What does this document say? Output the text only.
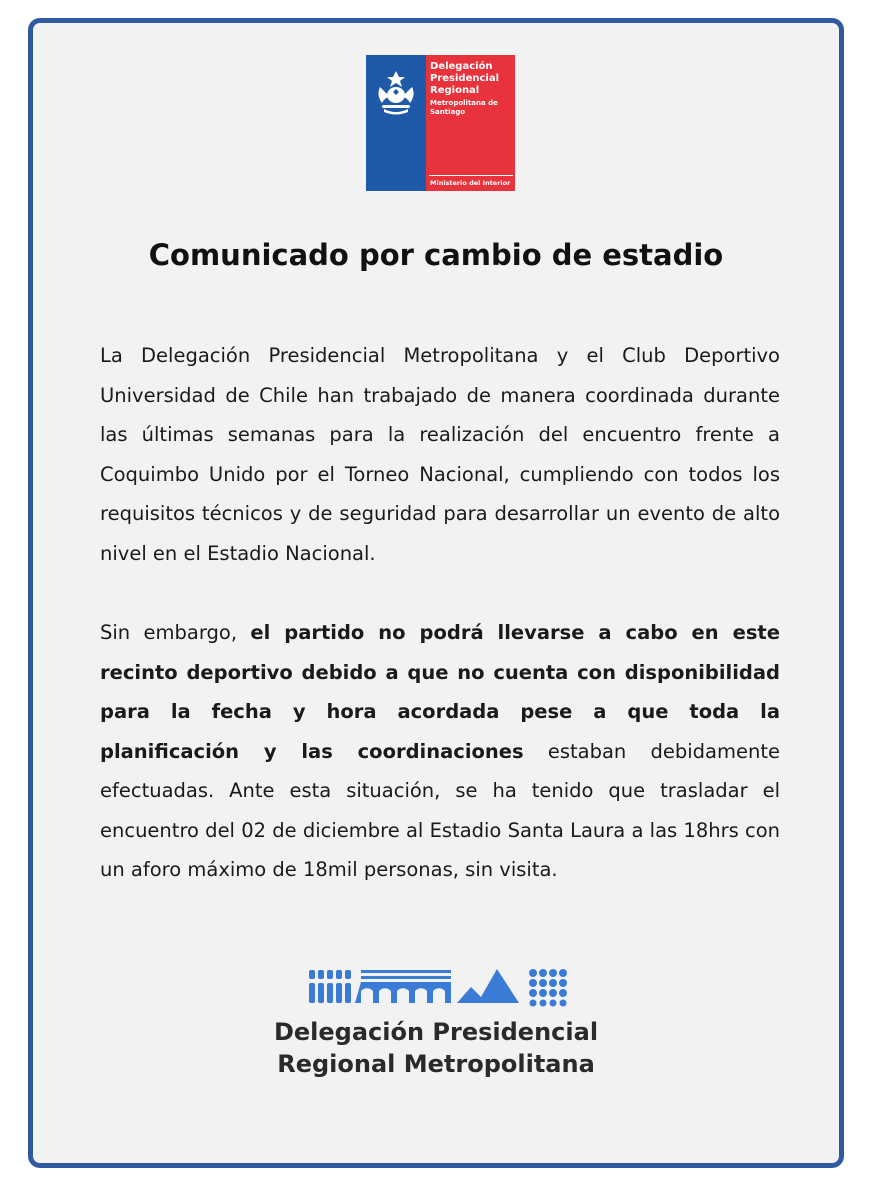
Delegación Presidencial Regional
Metropolitana de Santiago
Ministerio del Interior
Comunicado por cambio de estadio

La Delegación Presidencial Metropolitana y el Club Deportivo Universidad de Chile han trabajado de manera coordinada durante las últimas semanas para la realización del encuentro frente a Coquimbo Unido por el Torneo Nacional, cumpliendo con todos los requisitos técnicos y de seguridad para desarrollar un evento de alto nivel en el Estadio Nacional.

Sin embargo, el partido no podrá llevarse a cabo en este recinto deportivo debido a que no cuenta con disponibilidad para la fecha y hora acordada pese a que toda la planificación y las coordinaciones estaban debidamente efectuadas. Ante esta situación, se ha tenido que trasladar el encuentro del 02 de diciembre al Estadio Santa Laura a las 18hrs con un aforo máximo de 18mil personas, sin visita.

Delegación Presidencial
Regional Metropolitana
